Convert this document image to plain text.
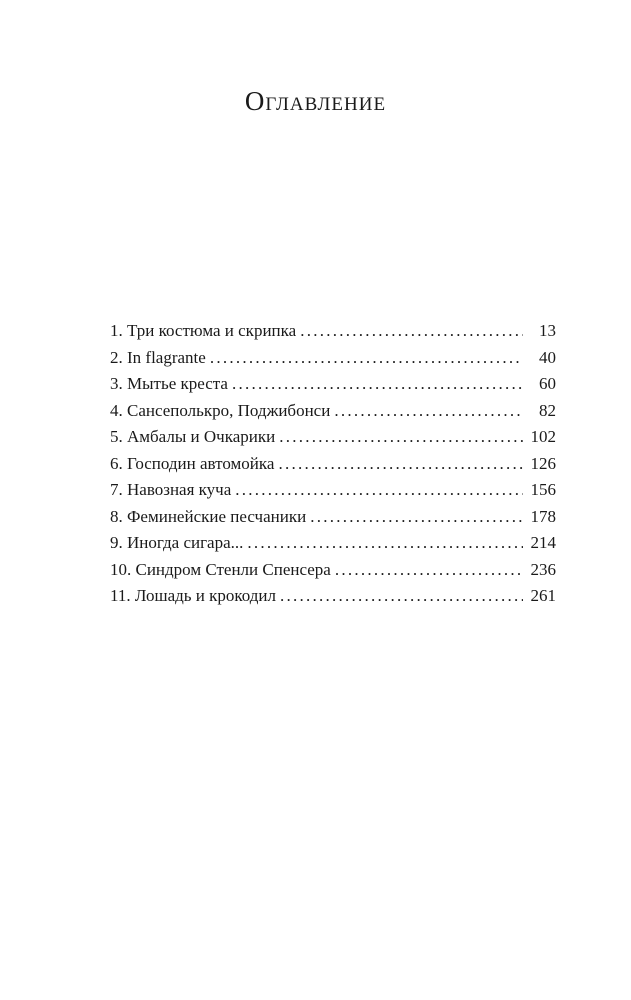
Оглавление
1. Три костюма и скрипка . . .	13
2. In flagrante . . .	40
3. Мытье креста . . .	60
4. Сансеполькро, Поджибонси . . .	82
5. Амбалы и Очкарики . . .	102
6. Господин автомойка . . .	126
7. Навозная куча . . .	156
8. Феминейские песчаники . . .	178
9. Иногда сигара... . . .	214
10. Синдром Стенли Спенсера . . .	236
11. Лошадь и крокодил . . .	261
